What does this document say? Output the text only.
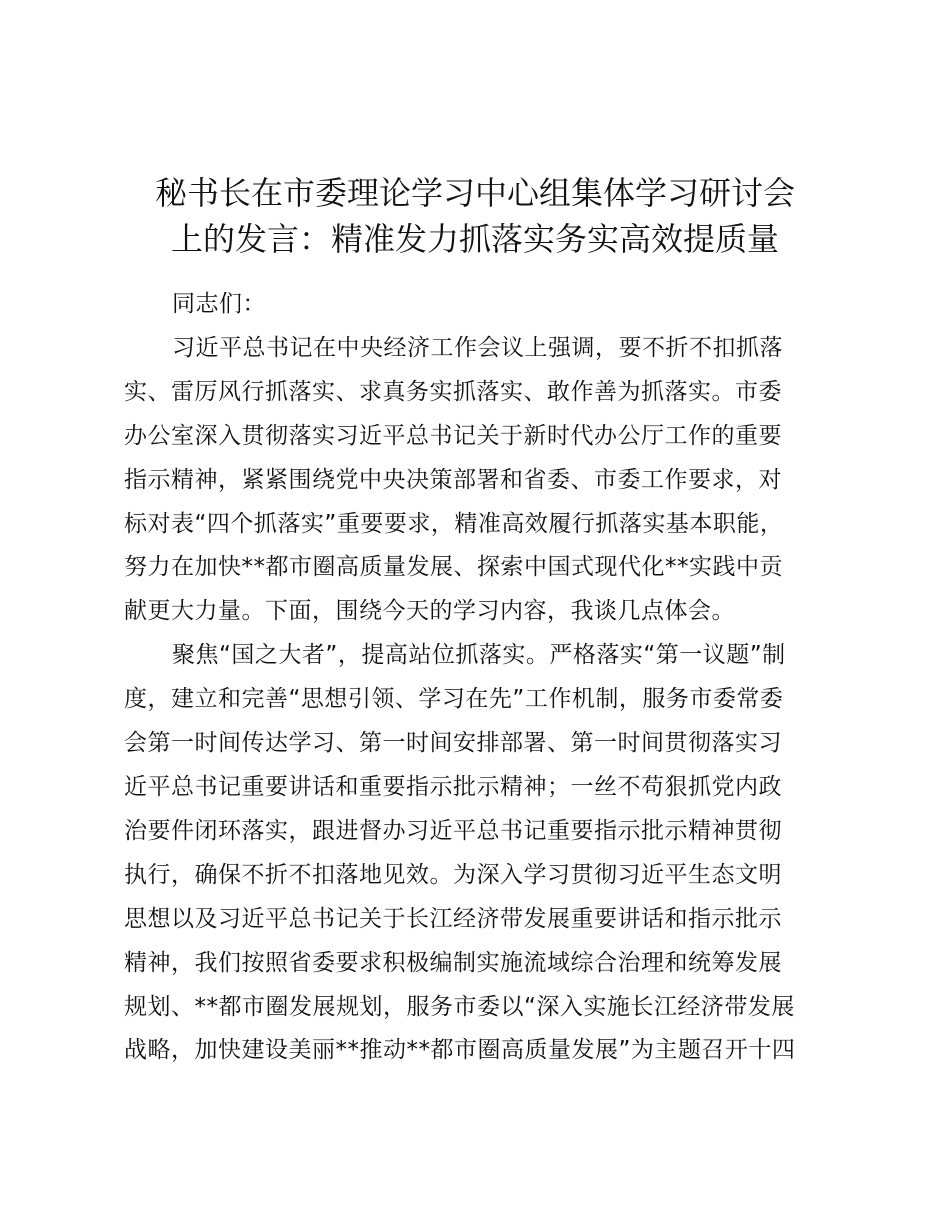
秘书长在市委理论学习中心组集体学习研讨会
上的发言：精准发力抓落实务实高效提质量

同志们：

习近平总书记在中央经济工作会议上强调，要不折不扣抓落
实、雷厉风行抓落实、求真务实抓落实、敢作善为抓落实。市委
办公室深入贯彻落实习近平总书记关于新时代办公厅工作的重要
指示精神，紧紧围绕党中央决策部署和省委、市委工作要求，对
标对表“四个抓落实”重要要求，精准高效履行抓落实基本职能，
努力在加快**都市圈高质量发展、探索中国式现代化**实践中贡
献更大力量。下面，围绕今天的学习内容，我谈几点体会。

聚焦“国之大者”，提高站位抓落实。严格落实“第一议题”制
度，建立和完善“思想引领、学习在先”工作机制，服务市委常委
会第一时间传达学习、第一时间安排部署、第一时间贯彻落实习
近平总书记重要讲话和重要指示批示精神；一丝不苟狠抓党内政
治要件闭环落实，跟进督办习近平总书记重要指示批示精神贯彻
执行，确保不折不扣落地见效。为深入学习贯彻习近平生态文明
思想以及习近平总书记关于长江经济带发展重要讲话和指示批示
精神，我们按照省委要求积极编制实施流域综合治理和统筹发展
规划、**都市圈发展规划，服务市委以“深入实施长江经济带发展
战略，加快建设美丽**推动**都市圈高质量发展”为主题召开十四
